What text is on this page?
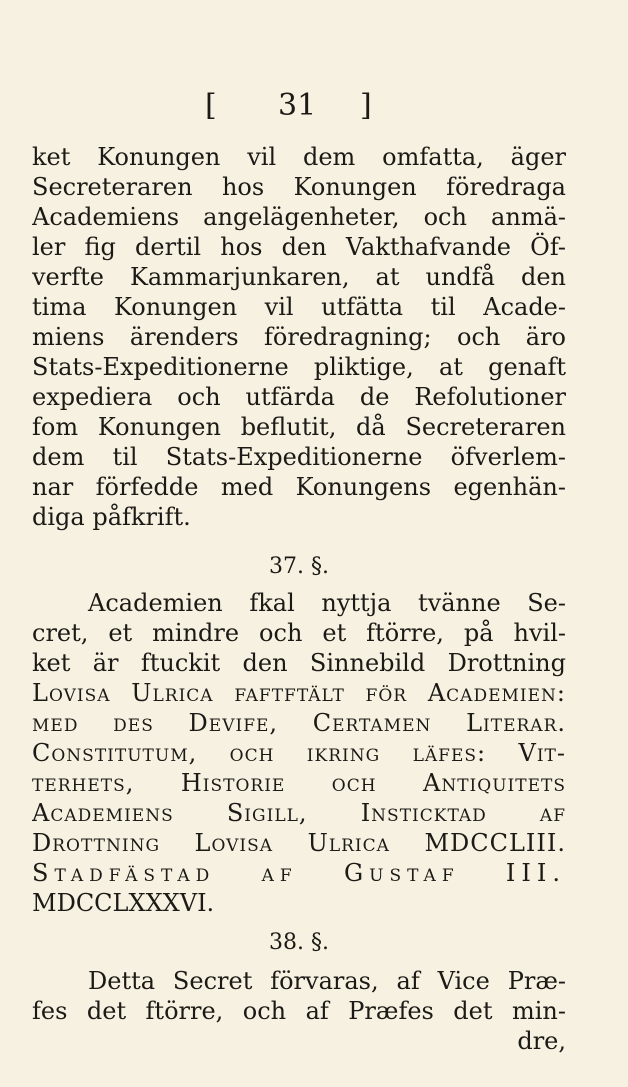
[ 31 ]
ket Konungen vil dem omfatta, äger
Secreteraren hos Konungen föredraga
Academiens angelägenheter, och anmä-
ler fig dertil hos den Vakthafvande Öf-
verfte Kammarjunkaren, at undfå den
tima Konungen vil utfätta til Acade-
miens ärenders föredragning; och äro
Stats-Expeditionerne pliktige, at genaft
expediera och utfärda de Refolutioner
fom Konungen beflutit, då Secreteraren
dem til Stats-Expeditionerne öfverlem-
nar förfedde med Konungens egenhän-
diga påfkrift.
37. §.
Academien fkal nyttja tvänne Se-
cret, et mindre och et ftörre, på hvil-
ket är ftuckit den Sinnebild Drottning
Lovisa Ulrica faftftält för Academien:
med des Devife, Certamen Literar.
Constitutum, och ikring läfes: Vit-
terhets, Historie och Antiquitets
Academiens Sigill, Insticktad af
Drottning Lovisa Ulrica MDCCLIII.
Stadfästad af Gustaf III.
MDCCLXXXVI.
38. §.
Detta Secret förvaras, af Vice Præ-
fes det ftörre, och af Præfes det min-
dre,
